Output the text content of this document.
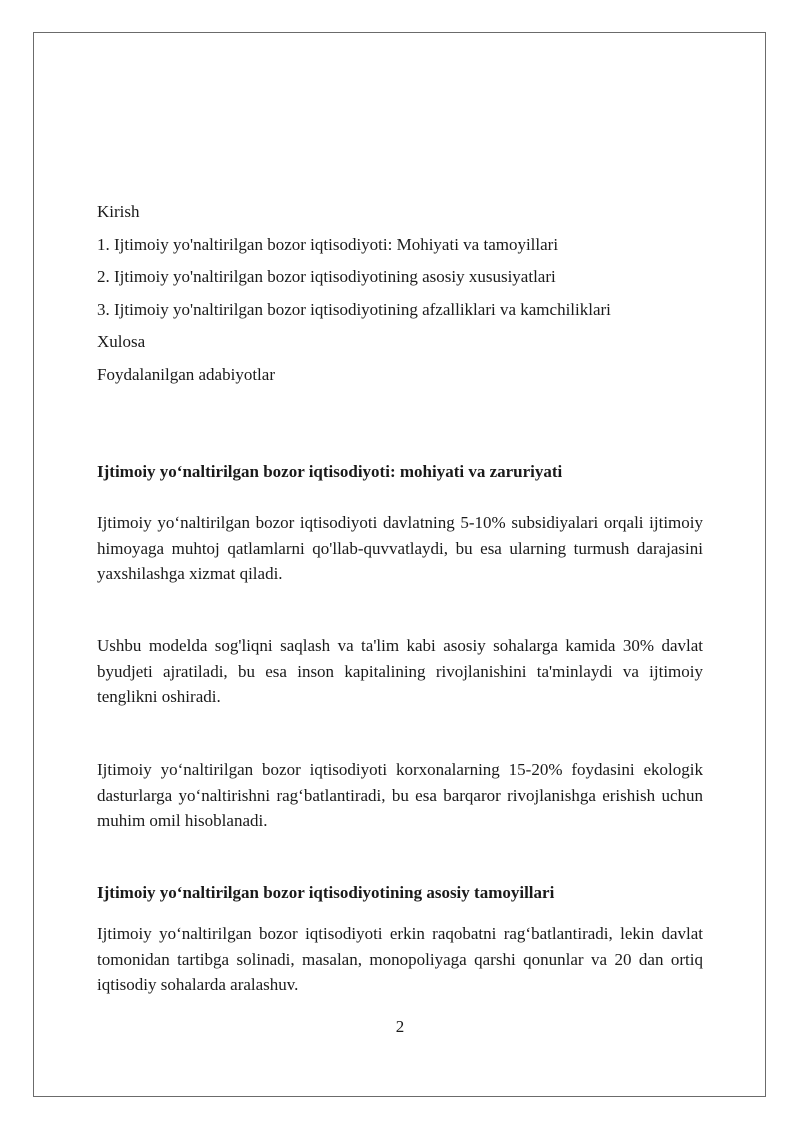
Kirish
1. Ijtimoiy yo'naltirilgan bozor iqtisodiyoti: Mohiyati va tamoyillari
2. Ijtimoiy yo'naltirilgan bozor iqtisodiyotining asosiy xususiyatlari
3. Ijtimoiy yo'naltirilgan bozor iqtisodiyotining afzalliklari va kamchiliklari
Xulosa
Foydalanilgan adabiyotlar
Ijtimoiy yo‘naltirilgan bozor iqtisodiyoti: mohiyati va zaruriyati
Ijtimoiy yo‘naltirilgan bozor iqtisodiyoti davlatning 5-10% subsidiyalari orqali ijtimoiy himoyaga muhtoj qatlamlarni qo'llab-quvvatlaydi, bu esa ularning turmush darajasini yaxshilashga xizmat qiladi.
Ushbu modelda sog'liqni saqlash va ta'lim kabi asosiy sohalarga kamida 30% davlat byudjeti ajratiladi, bu esa inson kapitalining rivojlanishini ta'minlaydi va ijtimoiy tenglikni oshiradi.
Ijtimoiy yo‘naltirilgan bozor iqtisodiyoti korxonalarning 15-20% foydasini ekologik dasturlarga yo‘naltirishni rag‘batlantiradi, bu esa barqaror rivojlanishga erishish uchun muhim omil hisoblanadi.
Ijtimoiy yo‘naltirilgan bozor iqtisodiyotining asosiy tamoyillari
Ijtimoiy yo‘naltirilgan bozor iqtisodiyoti erkin raqobatni rag‘batlantiradi, lekin davlat tomonidan tartibga solinadi, masalan, monopoliyaga qarshi qonunlar va 20 dan ortiq iqtisodiy sohalarda aralashuv.
2
